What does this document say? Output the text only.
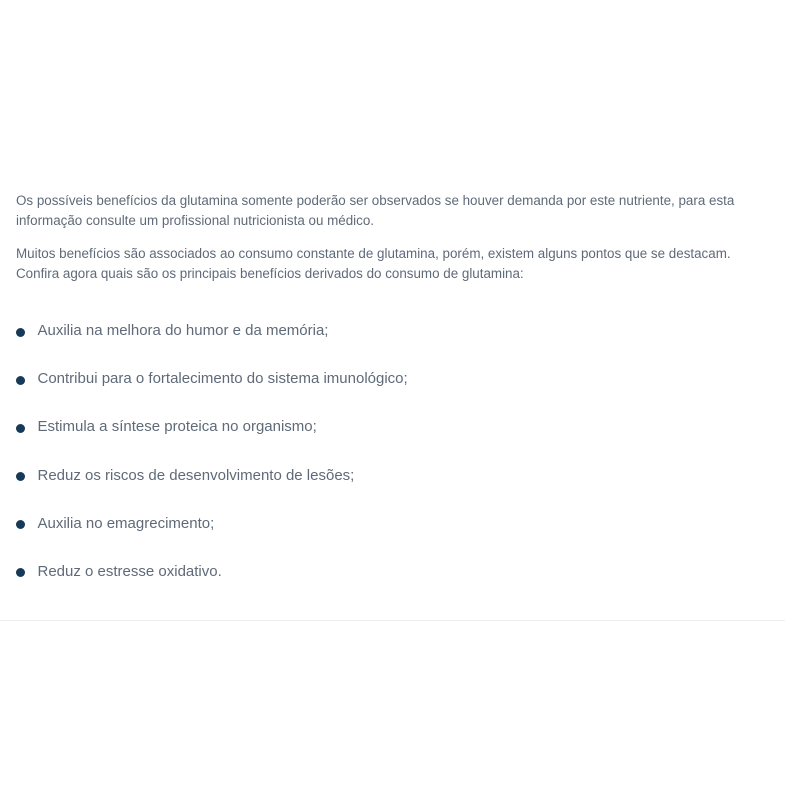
Os possíveis benefícios da glutamina somente poderão ser observados se houver demanda por este nutriente, para esta informação consulte um profissional nutricionista ou médico.

Muitos benefícios são associados ao consumo constante de glutamina, porém, existem alguns pontos que se destacam. Confira agora quais são os principais benefícios derivados do consumo de glutamina:

Auxilia na melhora do humor e da memória;
Contribui para o fortalecimento do sistema imunológico;
Estimula a síntese proteica no organismo;
Reduz os riscos de desenvolvimento de lesões;
Auxilia no emagrecimento;
Reduz o estresse oxidativo.
